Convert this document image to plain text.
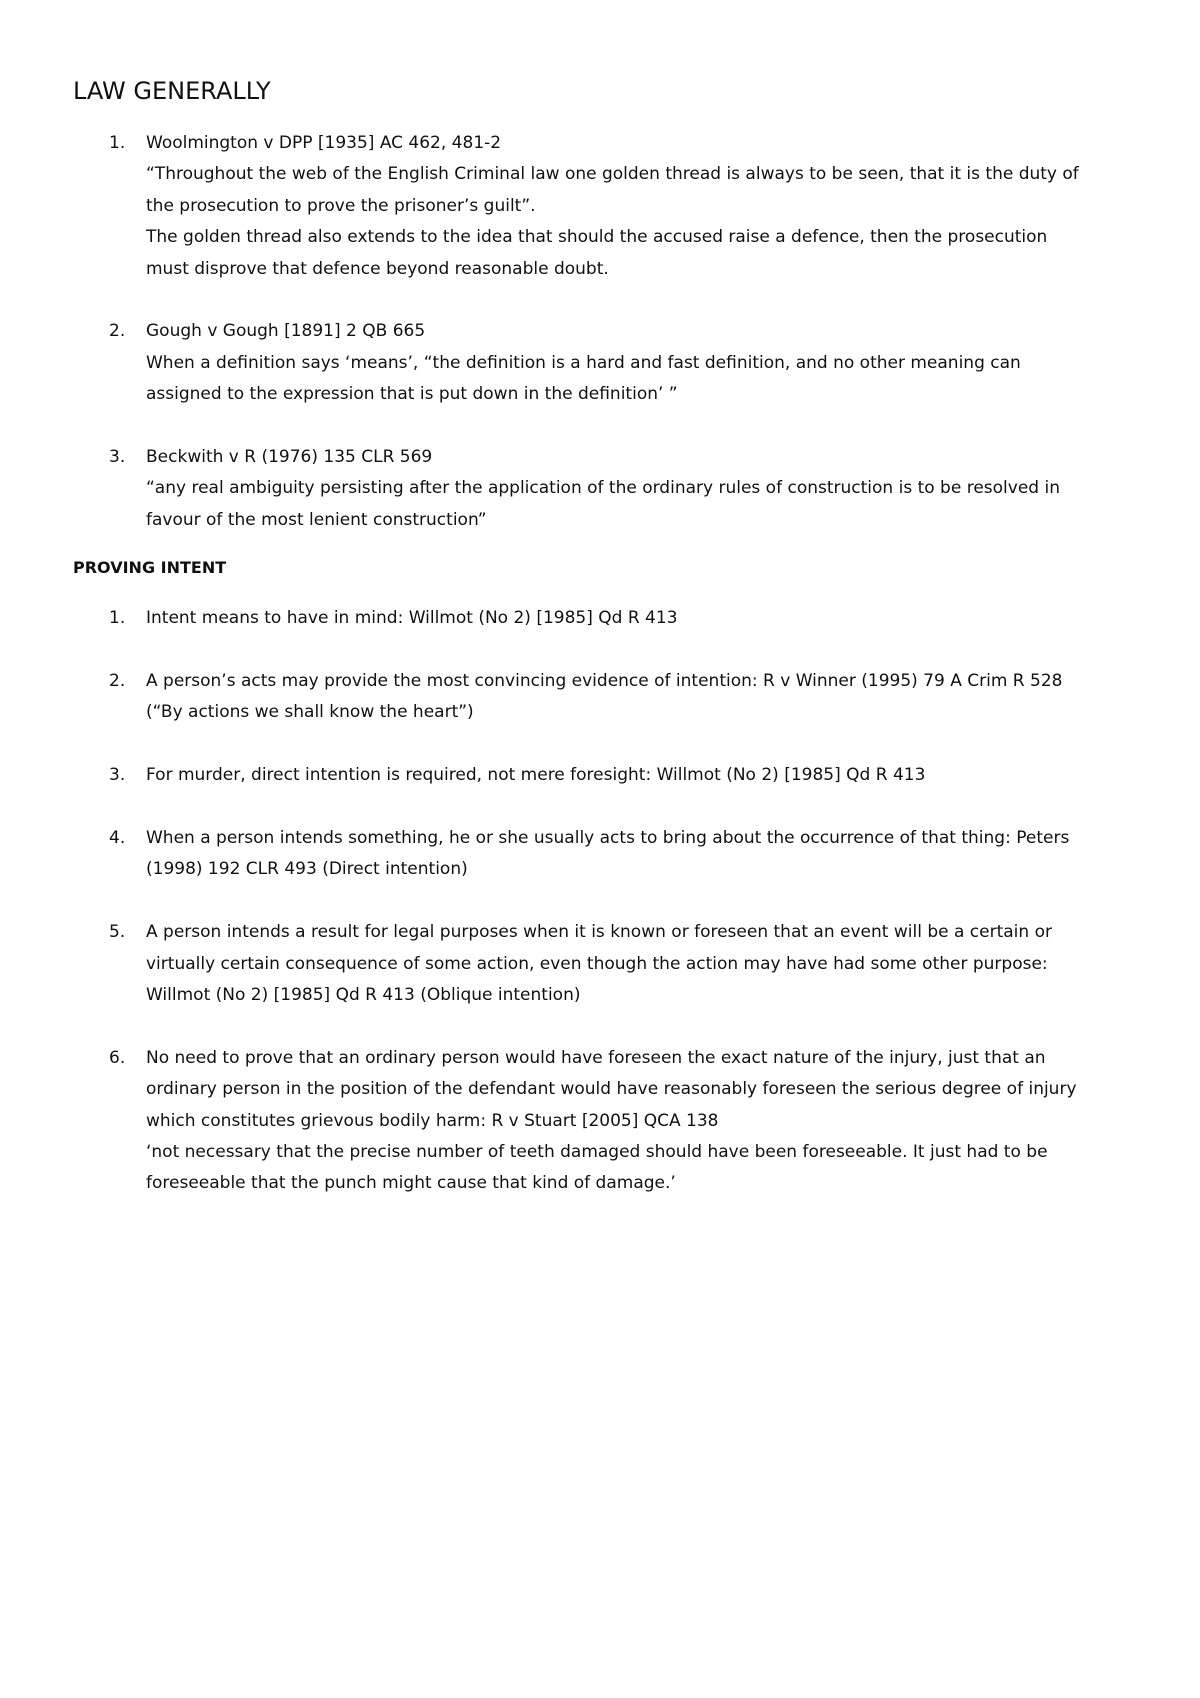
LAW GENERALLY
1.	Woolmington v DPP [1935] AC 462, 481-2
“Throughout the web of the English Criminal law one golden thread is always to be seen, that it is the duty of
the prosecution to prove the prisoner’s guilt”.
The golden thread also extends to the idea that should the accused raise a defence, then the prosecution
must disprove that defence beyond reasonable doubt.
2.	Gough v Gough [1891] 2 QB 665
When a definition says ‘means’, “the definition is a hard and fast definition, and no other meaning can
assigned to the expression that is put down in the definition’ ”
3.	Beckwith v R (1976) 135 CLR 569
“any real ambiguity persisting after the application of the ordinary rules of construction is to be resolved in
favour of the most lenient construction”
PROVING INTENT
1.	Intent means to have in mind: Willmot (No 2) [1985] Qd R 413
2.	A person’s acts may provide the most convincing evidence of intention: R v Winner (1995) 79 A Crim R 528
(“By actions we shall know the heart”)
3.	For murder, direct intention is required, not mere foresight: Willmot (No 2) [1985] Qd R 413
4.	When a person intends something, he or she usually acts to bring about the occurrence of that thing: Peters
(1998) 192 CLR 493 (Direct intention)
5.	A person intends a result for legal purposes when it is known or foreseen that an event will be a certain or
virtually certain consequence of some action, even though the action may have had some other purpose:
Willmot (No 2) [1985] Qd R 413 (Oblique intention)
6.	No need to prove that an ordinary person would have foreseen the exact nature of the injury, just that an
ordinary person in the position of the defendant would have reasonably foreseen the serious degree of injury
which constitutes grievous bodily harm: R v Stuart [2005] QCA 138
‘not necessary that the precise number of teeth damaged should have been foreseeable. It just had to be
foreseeable that the punch might cause that kind of damage.’
